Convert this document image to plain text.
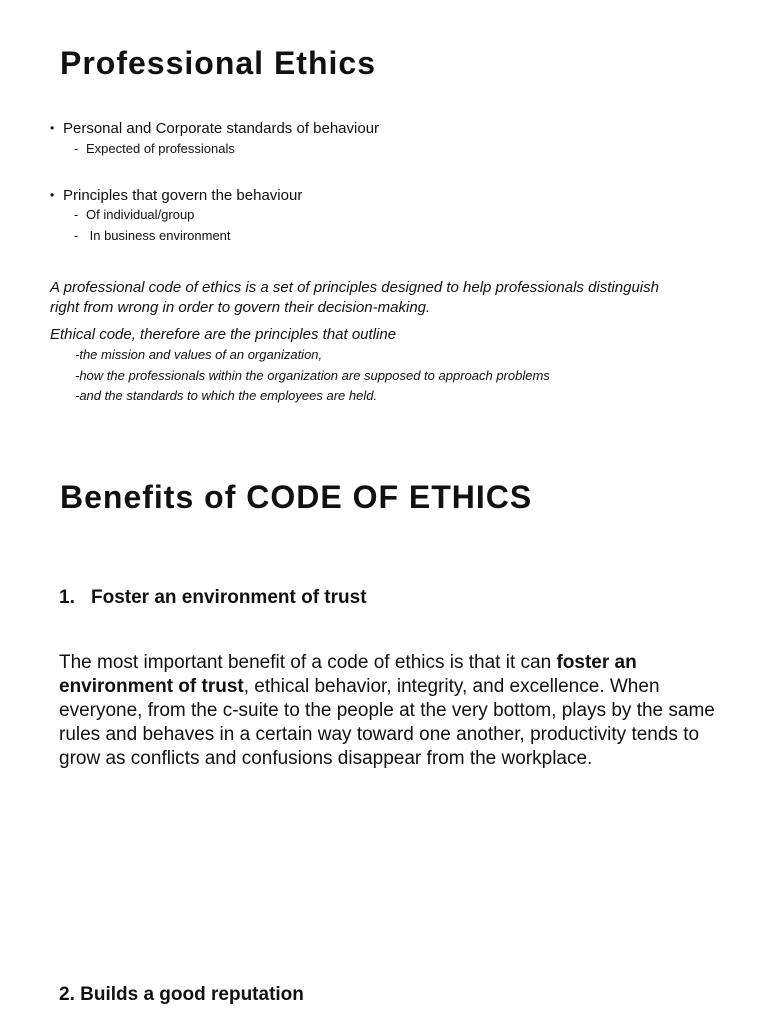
Professional Ethics
• Personal and Corporate standards of behaviour
- Expected of professionals
• Principles that govern the behaviour
- Of individual/group
- In business environment

A professional code of ethics is a set of principles designed to help professionals distinguish right from wrong in order to govern their decision-making.

Ethical code, therefore are the principles that outline

-the mission and values of an organization,
-how the professionals within the organization are supposed to approach problems
-and the standards to which the employees are held.
Benefits of CODE OF ETHICS
1. Foster an environment of trust

The most important benefit of a code of ethics is that it can foster an environment of trust, ethical behavior, integrity, and excellence. When everyone, from the c-suite to the people at the very bottom, plays by the same rules and behaves in a certain way toward one another, productivity tends to grow as conflicts and confusions disappear from the workplace.

2. Builds a good reputation
